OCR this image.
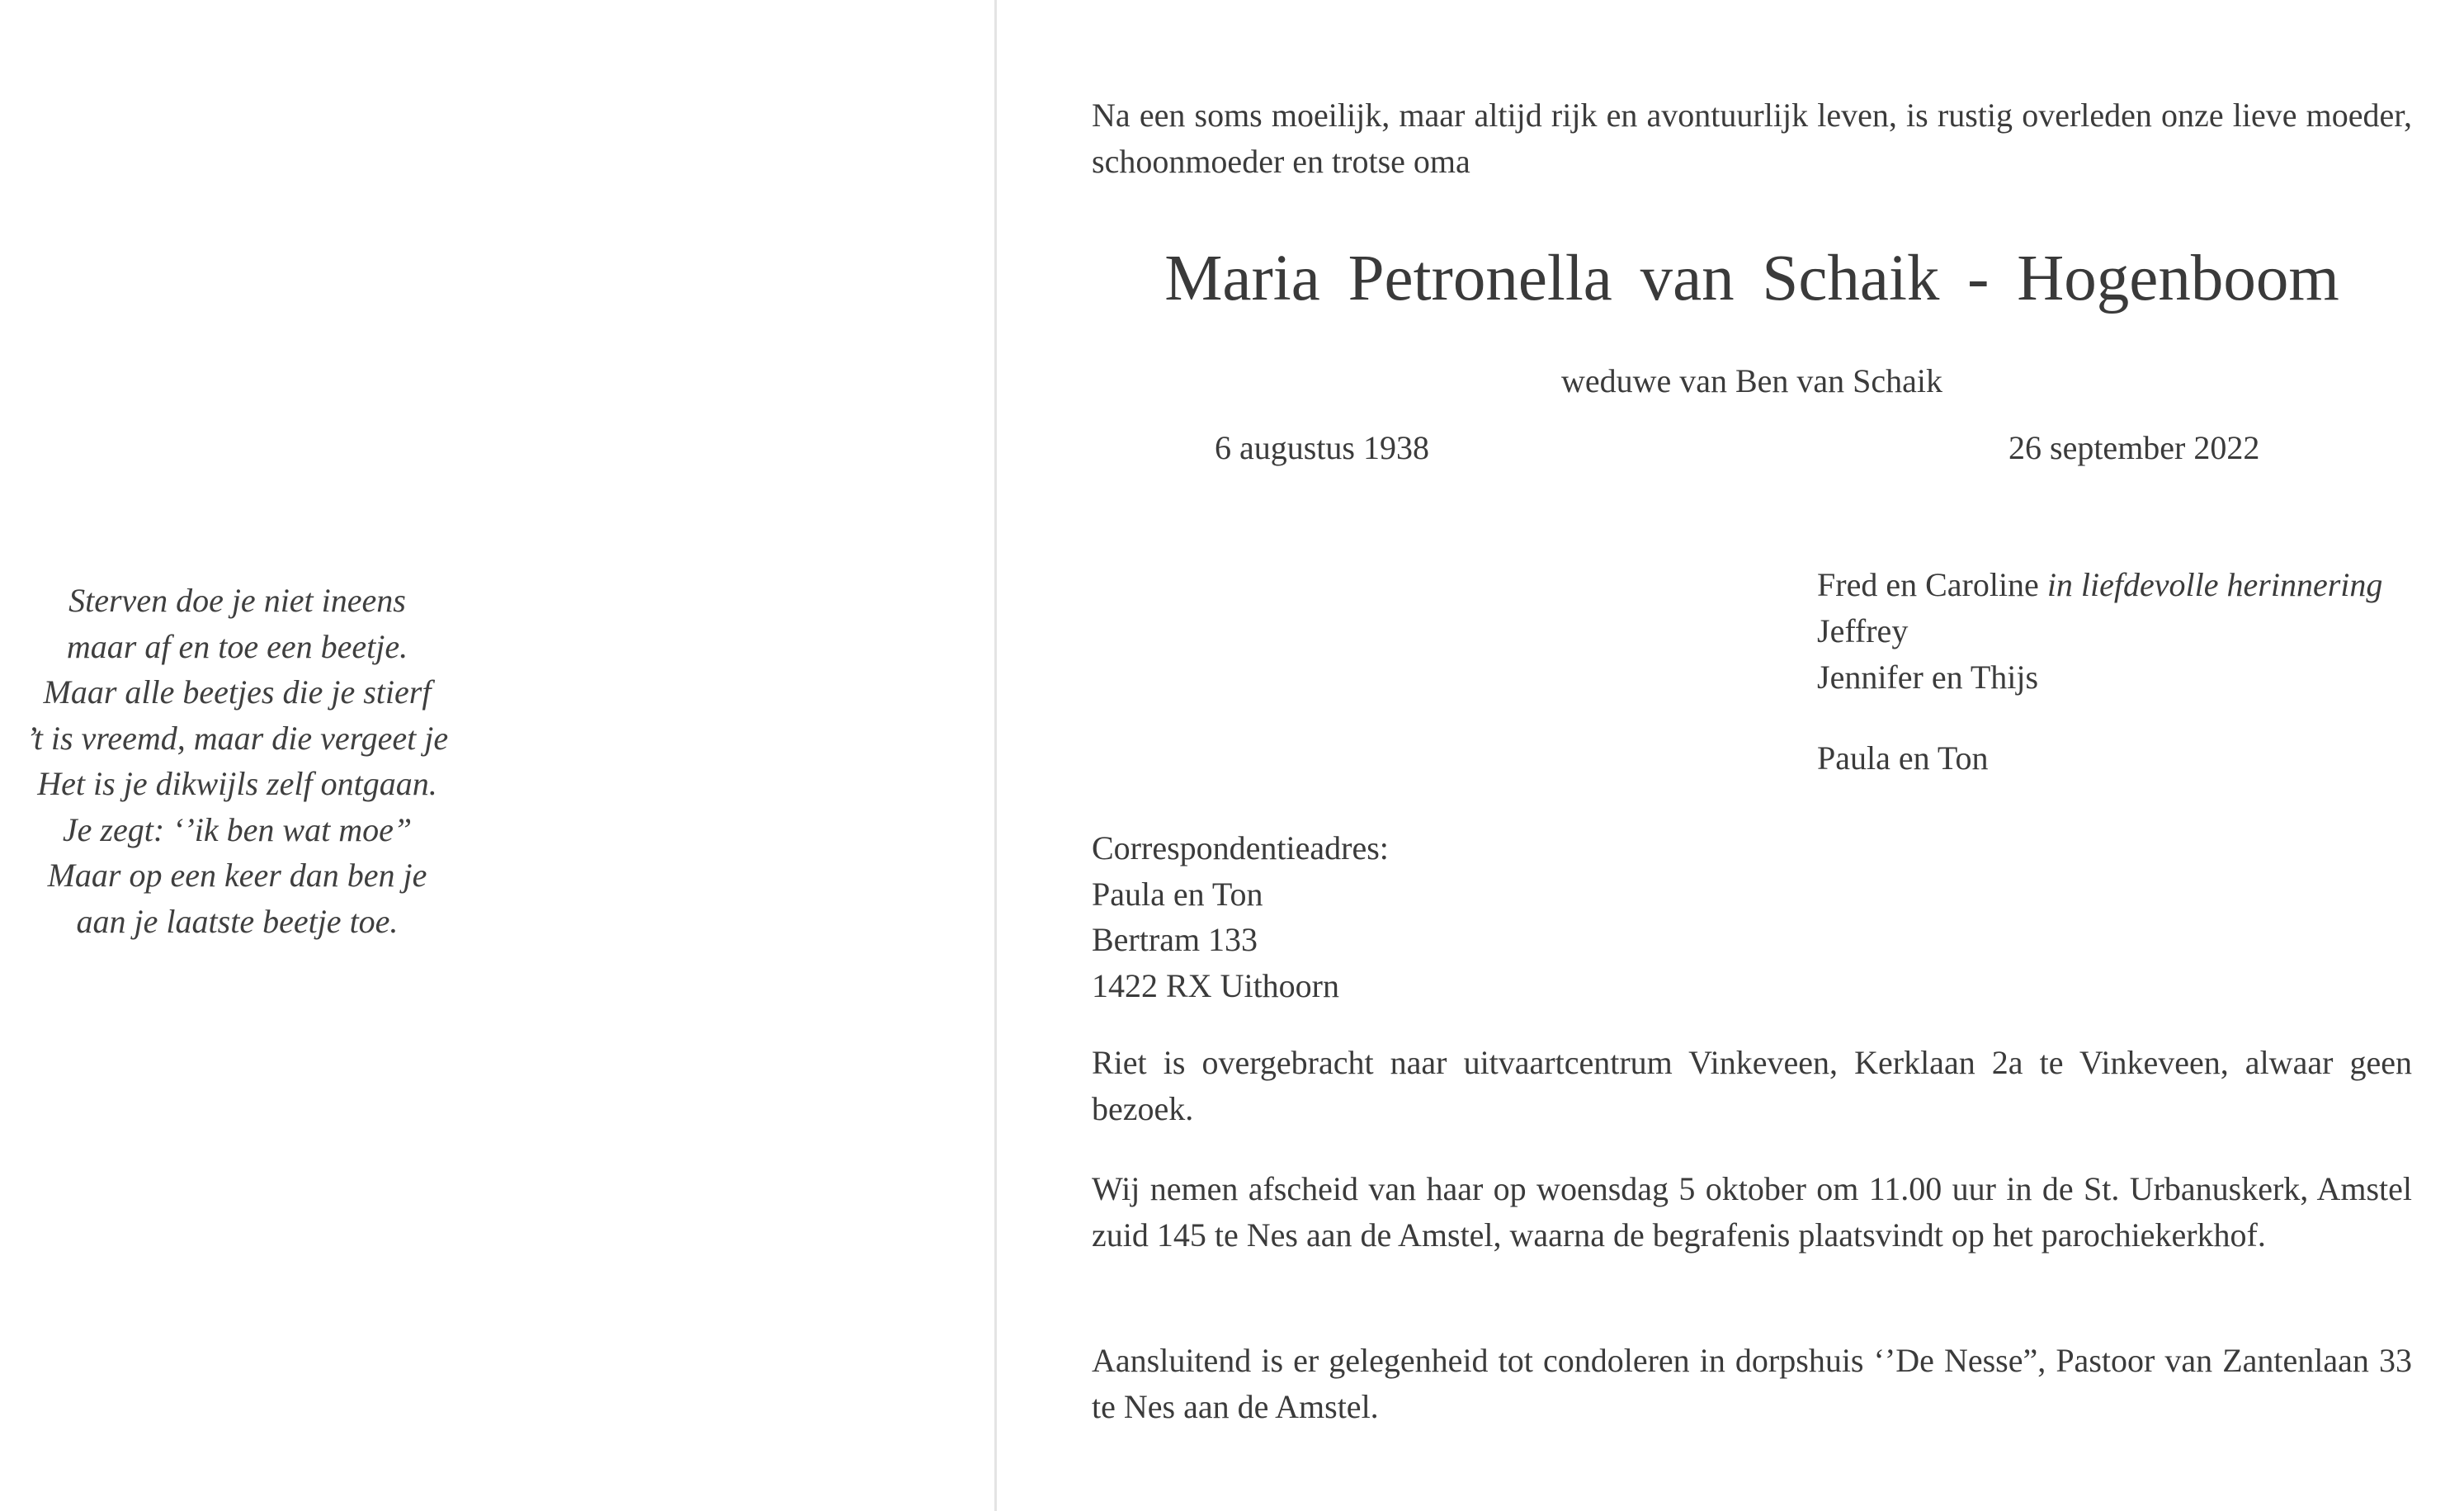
Sterven doe je niet ineens
maar af en toe een beetje.
Maar alle beetjes die je stierf
’t is vreemd, maar die vergeet je
Het is je dikwijls zelf ontgaan.
Je zegt: ‘’ik ben wat moe”
Maar op een keer dan ben je
aan je laatste beetje toe.
Na een soms moeilijk, maar altijd rijk en avontuurlijk leven, is rustig overleden onze lieve moeder, schoonmoeder en trotse oma
Maria Petronella van Schaik - Hogenboom
weduwe van Ben van Schaik
6 augustus 1938	26 september 2022
Fred en Caroline in liefdevolle herinnering
Jeffrey
Jennifer en Thijs
Paula en Ton
Correspondentieadres:
Paula en Ton
Bertram 133
1422 RX Uithoorn
Riet is overgebracht naar uitvaartcentrum Vinkeveen, Kerklaan 2a te Vinkeveen, alwaar geen bezoek.
Wij nemen afscheid van haar op woensdag 5 oktober om 11.00 uur in de St. Urbanuskerk, Amstel zuid 145 te Nes aan de Amstel, waarna de begrafenis plaatsvindt op het parochiekerkhof.
Aansluitend is er gelegenheid tot condoleren in dorpshuis ‘’De Nesse”, Pastoor van Zantenlaan 33 te Nes aan de Amstel.
